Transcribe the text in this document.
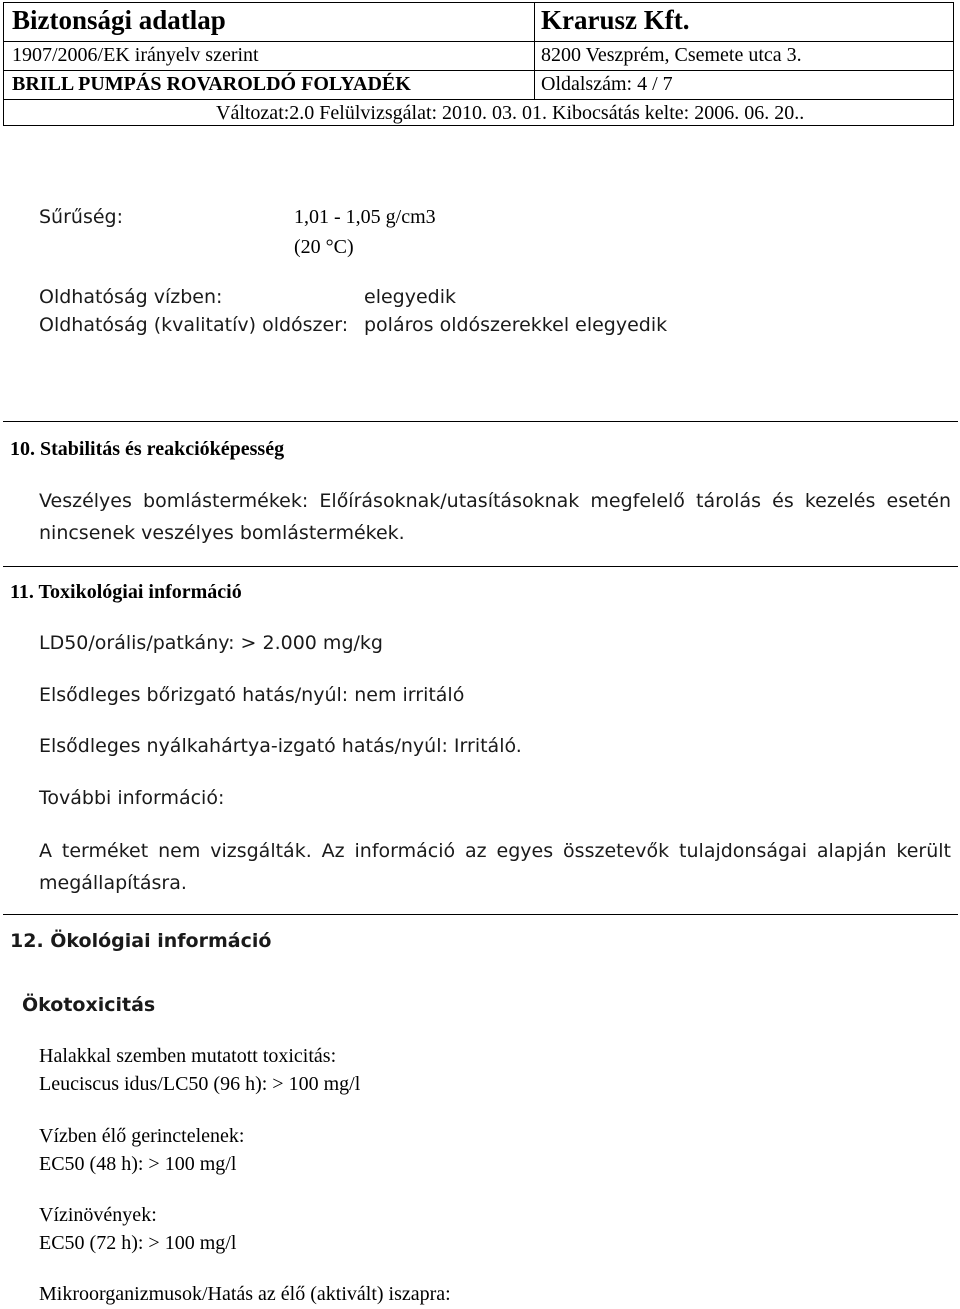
Biztonsági adatlap	Krarusz Kft.
1907/2006/EK irányelv szerint	8200 Veszprém, Csemete utca 3.
BRILL PUMPÁS ROVAROLDÓ FOLYADÉK	Oldalszám: 4 / 7
Változat:2.0 Felülvizsgálat: 2010. 03. 01. Kibocsátás kelte: 2006. 06. 20..
Sűrűség:	1,01 - 1,05 g/cm3
(20 °C)
Oldhatóság vízben:	elegyedik
Oldhatóság (kvalitatív) oldószer: poláros oldószerekkel elegyedik
10. Stabilitás és reakcióképesség
Veszélyes bomlástermékek: Előírásoknak/utasításoknak megfelelő tárolás és kezelés esetén nincsenek veszélyes bomlástermékek.
11. Toxikológiai információ
LD50/orális/patkány: > 2.000 mg/kg
Elsődleges bőrizgató hatás/nyúl: nem irritáló
Elsődleges nyálkahártya-izgató hatás/nyúl: Irritáló.
További információ:
A terméket nem vizsgálták. Az információ az egyes összetevők tulajdonságai alapján került megállapításra.
12. Ökológiai információ
Ökotoxicitás
Halakkal szemben mutatott toxicitás:
Leuciscus idus/LC50 (96 h): > 100 mg/l
Vízben élő gerinctelenek:
EC50 (48 h): > 100 mg/l
Vízinövények:
EC50 (72 h): > 100 mg/l
Mikroorganizmusok/Hatás az élő (aktivált) iszapra:
